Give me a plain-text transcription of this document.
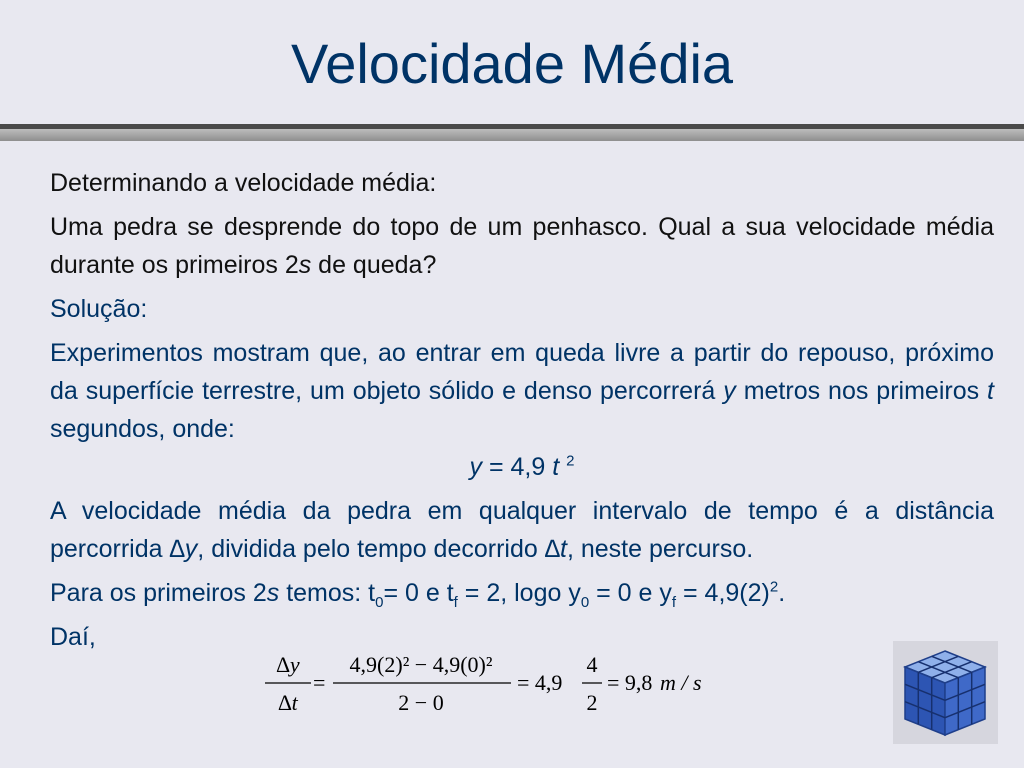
Velocidade Média

Determinando a velocidade média:

Uma pedra se desprende do topo de um penhasco. Qual a sua velocidade média durante os primeiros 2s de queda?

Solução:

Experimentos mostram que, ao entrar em queda livre a partir do repouso, próximo da superfície terrestre, um objeto sólido e denso percorrerá y metros nos primeiros t segundos, onde:

y = 4,9 t $^2$

A velocidade média da pedra em qualquer intervalo de tempo é a distância percorrida ∆y, dividida pelo tempo decorrido ∆t, neste percurso.

Para os primeiros 2s temos: $t_0= 0$ e $t_f = 2$, logo $y_0 = 0$ e $y_f = 4,9(2)^2$.

Daí,

∆y
∆t
=
4,9(2)² − 4,9(0)²
2 − 0
= 4,9
4
2
= 9,8 m / s
